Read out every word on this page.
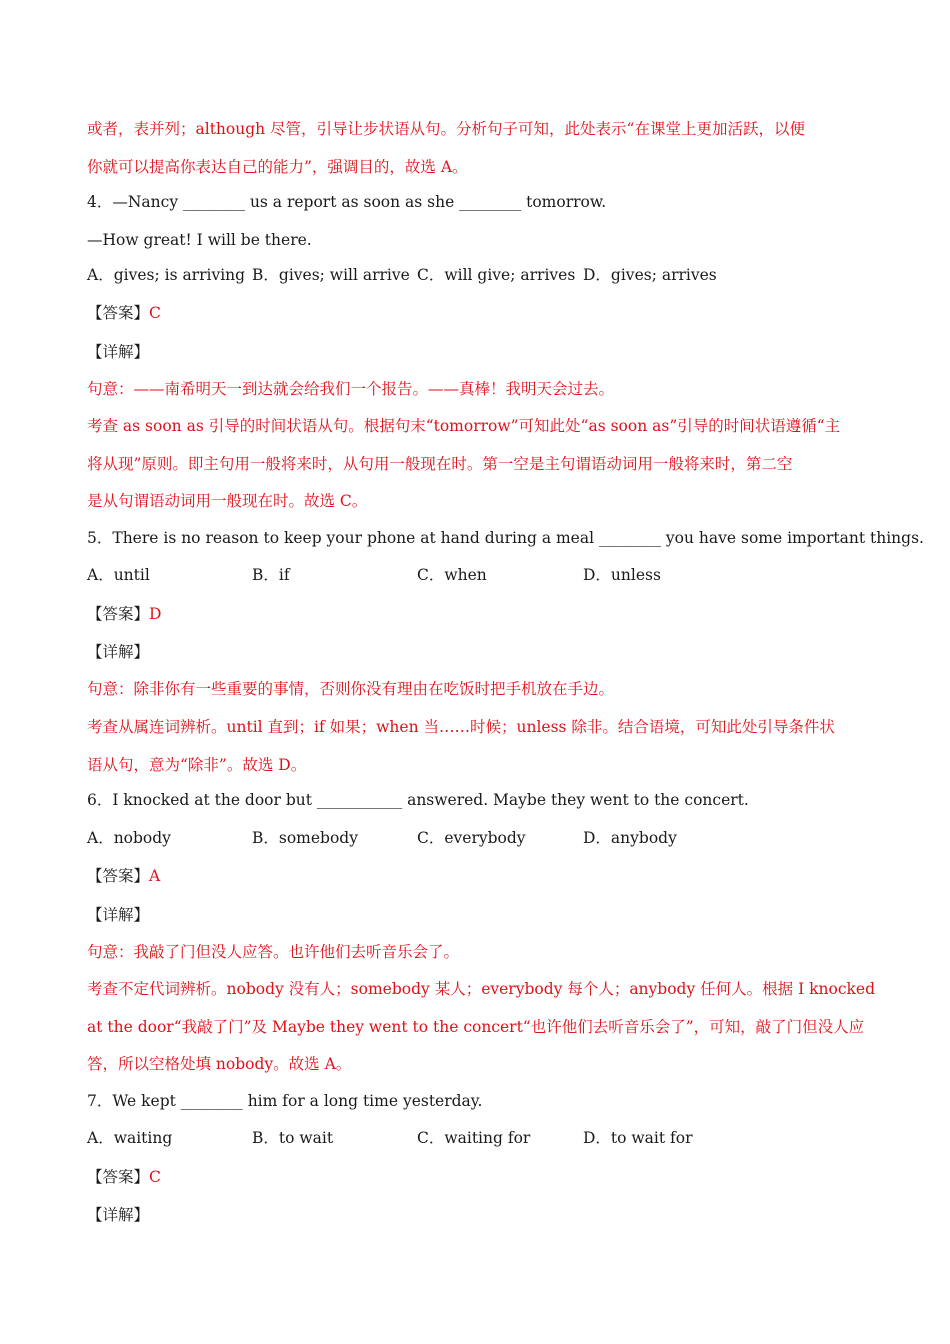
或者，表并列；although 尽管，引导让步状语从句。分析句子可知，此处表示“在课堂上更加活跃，以便
你就可以提高你表达自己的能力”，强调目的，故选 A。
4．—Nancy ________ us a report as soon as she ________ tomorrow.
—How great! I will be there.
A．gives; is arriving B．gives; will arrive C．will give; arrives D．gives; arrives
【答案】C
【详解】
句意：——南希明天一到达就会给我们一个报告。——真棒！我明天会过去。
考查 as soon as 引导的时间状语从句。根据句末“tomorrow”可知此处“as soon as”引导的时间状语遵循“主
将从现”原则。即主句用一般将来时，从句用一般现在时。第一空是主句谓语动词用一般将来时，第二空
是从句谓语动词用一般现在时。故选 C。
5．There is no reason to keep your phone at hand during a meal ________ you have some important things.
A．until	B．if	C．when	D．unless
【答案】D
【详解】
句意：除非你有一些重要的事情，否则你没有理由在吃饭时把手机放在手边。
考查从属连词辨析。until 直到；if 如果；when 当……时候；unless 除非。结合语境，可知此处引导条件状
语从句，意为“除非”。故选 D。
6．I knocked at the door but ___________ answered. Maybe they went to the concert.
A．nobody	B．somebody	C．everybody	D．anybody
【答案】A
【详解】
句意：我敲了门但没人应答。也许他们去听音乐会了。
考查不定代词辨析。nobody 没有人；somebody 某人；everybody 每个人；anybody 任何人。根据 I knocked
at the door“我敲了门”及 Maybe they went to the concert“也许他们去听音乐会了”，可知，敲了门但没人应
答，所以空格处填 nobody。故选 A。
7．We kept ________ him for a long time yesterday.
A．waiting	B．to wait	C．waiting for	D．to wait for
【答案】C
【详解】
